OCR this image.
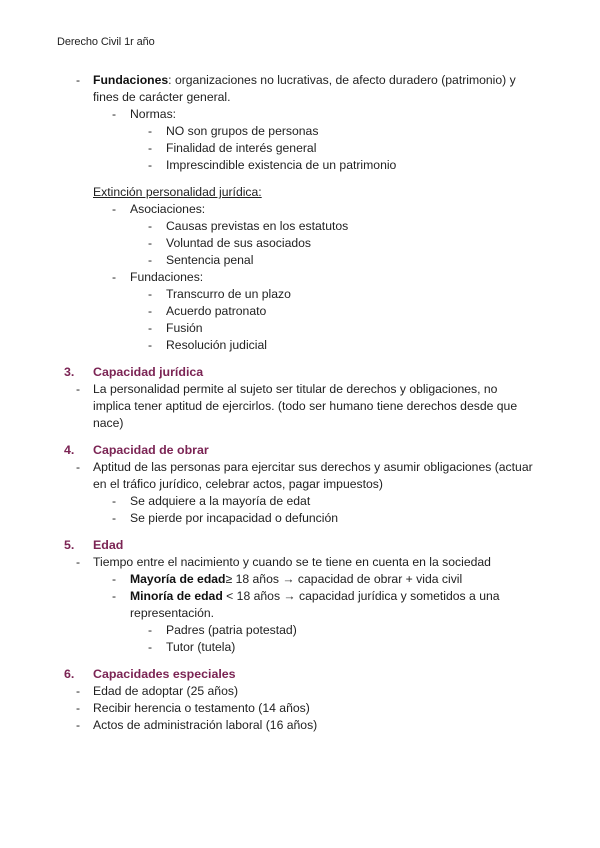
Derecho Civil 1r año
-	Fundaciones: organizaciones no lucrativas, de afecto duradero (patrimonio) y fines de carácter general.
-	Normas:
-	NO son grupos de personas
-	Finalidad de interés general
-	Imprescindible existencia de un patrimonio
Extinción personalidad jurídica:
-	Asociaciones:
-	Causas previstas en los estatutos
-	Voluntad de sus asociados
-	Sentencia penal
-	Fundaciones:
-	Transcurro de un plazo
-	Acuerdo patronato
-	Fusión
-	Resolución judicial
3.	Capacidad jurídica
-	La personalidad permite al sujeto ser titular de derechos y obligaciones, no implica tener aptitud de ejercirlos. (todo ser humano tiene derechos desde que nace)
4.	Capacidad de obrar
-	Aptitud de las personas para ejercitar sus derechos y asumir obligaciones (actuar en el tráfico jurídico, celebrar actos, pagar impuestos)
-	Se adquiere a la mayoría de edat
-	Se pierde por incapacidad o defunción
5.	Edad
-	Tiempo entre el nacimiento y cuando se te tiene en cuenta en la sociedad
-	Mayoría de edad≥ 18 años → capacidad de obrar + vida civil
-	Minoría de edad < 18 años → capacidad jurídica y sometidos a una representación.
-	Padres (patria potestad)
-	Tutor (tutela)
6.	Capacidades especiales
-	Edad de adoptar (25 años)
-	Recibir herencia o testamento (14 años)
-	Actos de administración laboral (16 años)
